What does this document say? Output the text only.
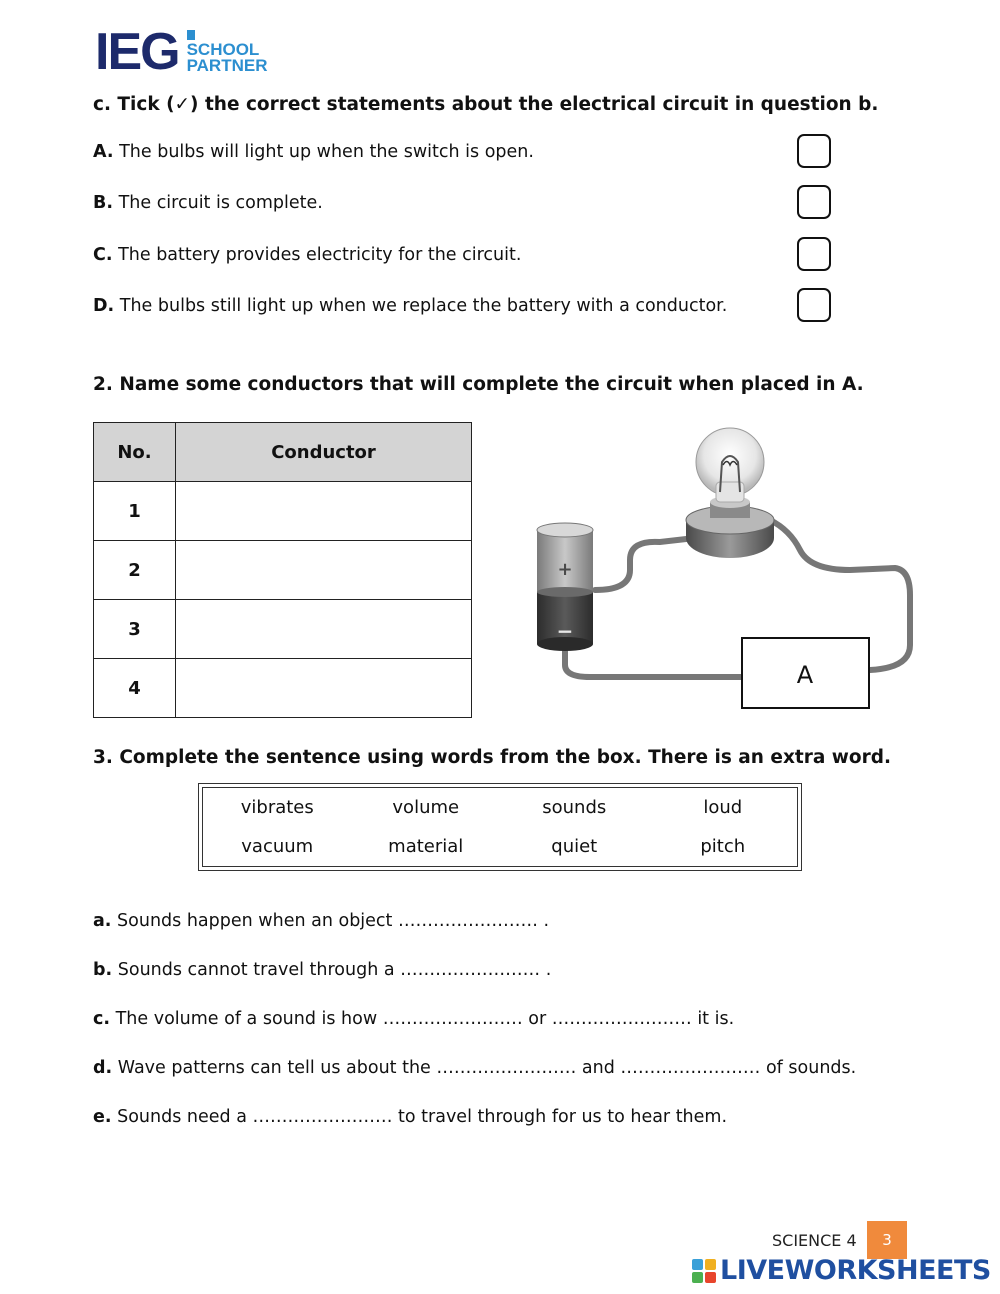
IEG SCHOOL
PARTNER
c. Tick (✓) the correct statements about the electrical circuit in question b.
A. The bulbs will light up when the switch is open.
B. The circuit is complete.
C. The battery provides electricity for the circuit.
D. The bulbs still light up when we replace the battery with a conductor.
2. Name some conductors that will complete the circuit when placed in A.
No.	Conductor
1	
2	
3	
4	
+
−
A
3. Complete the sentence using words from the box. There is an extra word.
vibrates	volume	sounds	loud
vacuum	material	quiet	pitch
a. Sounds happen when an object …………………… .
b. Sounds cannot travel through a …………………… .
c. The volume of a sound is how …………………… or …………………… it is.
d. Wave patterns can tell us about the …………………… and …………………… of sounds.
e. Sounds need a …………………… to travel through for us to hear them.
SCIENCE 4	3
LIVEWORKSHEETS
